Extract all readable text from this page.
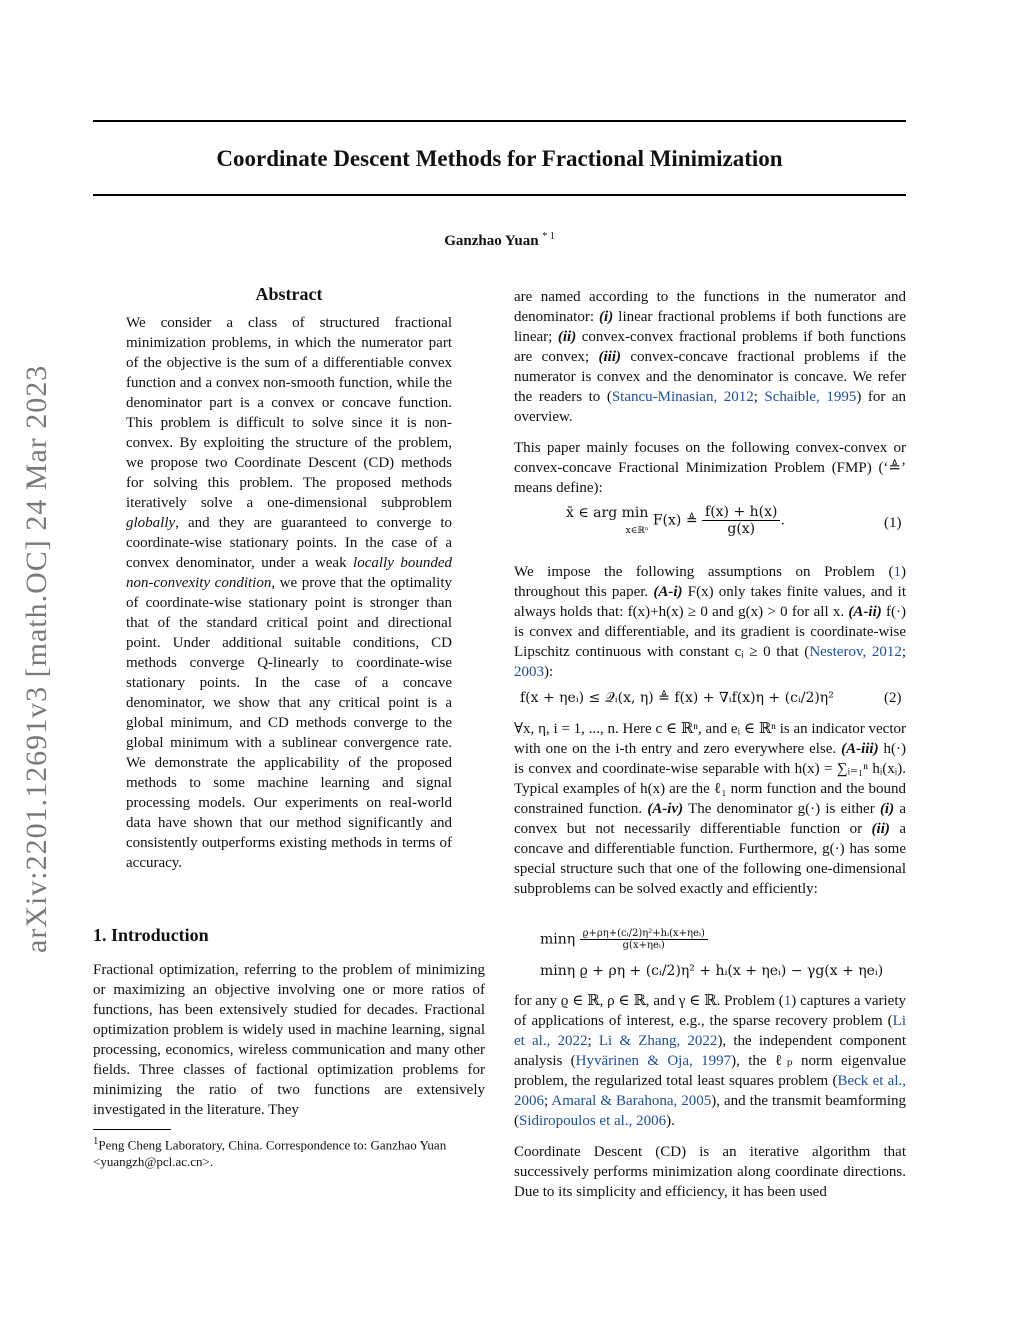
arXiv:2201.12691v3 [math.OC] 24 Mar 2023
Coordinate Descent Methods for Fractional Minimization
Ganzhao Yuan $^{* 1}$
Abstract

We consider a class of structured fractional minimization problems, in which the numerator part of the objective is the sum of a differentiable convex function and a convex non-smooth function, while the denominator part is a convex or concave function. This problem is difficult to solve since it is non-convex. By exploiting the structure of the problem, we propose two Coordinate Descent (CD) methods for solving this problem. The proposed methods iteratively solve a one-dimensional subproblem globally, and they are guaranteed to converge to coordinate-wise stationary points. In the case of a convex denominator, under a weak locally bounded non-convexity condition, we prove that the optimality of coordinate-wise stationary point is stronger than that of the standard critical point and directional point. Under additional suitable conditions, CD methods converge Q-linearly to coordinate-wise stationary points. In the case of a concave denominator, we show that any critical point is a global minimum, and CD methods converge to the global minimum with a sublinear convergence rate. We demonstrate the applicability of the proposed methods to some machine learning and signal processing models. Our experiments on real-world data have shown that our method significantly and consistently outperforms existing methods in terms of accuracy.

1. Introduction

Fractional optimization, referring to the problem of minimizing or maximizing an objective involving one or more ratios of functions, has been extensively studied for decades. Fractional optimization problem is widely used in machine learning, signal processing, economics, wireless communication and many other fields. Three classes of factional optimization problems for minimizing the ratio of two functions are extensively investigated in the literature. They

$^1$Peng Cheng Laboratory, China. Correspondence to: Ganzhao Yuan <yuangzh@pcl.ac.cn>.

are named according to the functions in the numerator and denominator: (i) linear fractional problems if both functions are linear; (ii) convex-convex fractional problems if both functions are convex; (iii) convex-concave fractional problems if the numerator is convex and the denominator is concave. We refer the readers to (Stancu-Minasian, 2012; Schaible, 1995) for an overview.

This paper mainly focuses on the following convex-convex or convex-concave Fractional Minimization Problem (FMP) (‘≜’ means define):

x̄ ∈ arg min
x∈ℝⁿ F(x) ≜ $\frac{f(x) + h(x)}{g(x)}$ .	(1)

We impose the following assumptions on Problem (1) throughout this paper. (A-i) F(x) only takes finite values, and it always holds that: f(x)+h(x) ≥ 0 and g(x) > 0 for all x. (A-ii) f(·) is convex and differentiable, and its gradient is coordinate-wise Lipschitz continuous with constant cᵢ ≥ 0 that (Nesterov, 2012; 2003):

f(x + ηeᵢ) ≤ 𝒬ᵢ(x, η) ≜ f(x) + ∇ᵢf(x)η + (cᵢ/2)η²	(2)

∀x, η, i = 1, ..., n. Here c ∈ ℝⁿ, and eᵢ ∈ ℝⁿ is an indicator vector with one on the i-th entry and zero everywhere else. (A-iii) h(·) is convex and coordinate-wise separable with h(x) = ∑ᵢ₌₁ⁿ hᵢ(xᵢ). Typical examples of h(x) are the ℓ₁ norm function and the bound constrained function. (A-iv) The denominator g(·) is either (i) a convex but not necessarily differentiable function or (ii) a concave and differentiable function. Furthermore, g(·) has some special structure such that one of the following one-dimensional subproblems can be solved exactly and efficiently:

minη $\frac{\text{ϱ+ρη+(cᵢ/2)η²+hᵢ(x+ηeᵢ)}}{\text{g(x+ηeᵢ)}}$
minη ϱ + ρη + (cᵢ/2)η² + hᵢ(x + ηeᵢ) − γg(x + ηeᵢ)

for any ϱ ∈ ℝ, ρ ∈ ℝ, and γ ∈ ℝ. Problem (1) captures a variety of applications of interest, e.g., the sparse recovery problem (Li et al., 2022; Li & Zhang, 2022), the independent component analysis (Hyvärinen & Oja, 1997), the ℓₚ norm eigenvalue problem, the regularized total least squares problem (Beck et al., 2006; Amaral & Barahona, 2005), and the transmit beamforming (Sidiropoulos et al., 2006).

Coordinate Descent (CD) is an iterative algorithm that successively performs minimization along coordinate directions. Due to its simplicity and efficiency, it has been used
